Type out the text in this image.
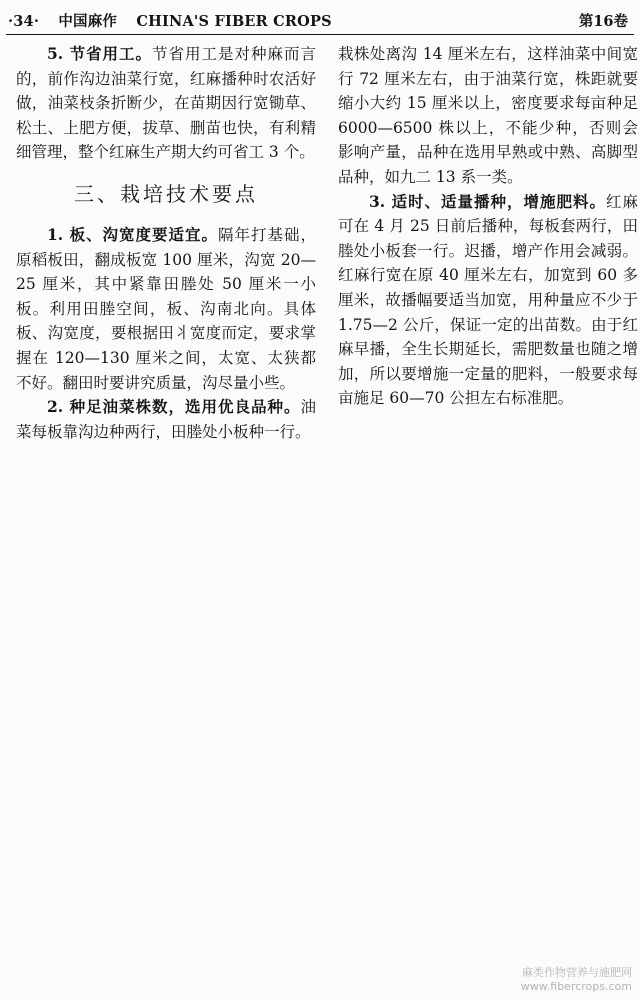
·34· 中国麻作 CHINA'S FIBER CROPS	第16卷

5. 节省用工。节省用工是对种麻而言的，前作沟边油菜行宽，红麻播种时农活好做，油菜枝条折断少，在苗期因行宽锄草、松土、上肥方便，拔草、删苗也快，有利精细管理，整个红麻生产期大约可省工 3 个。

三、栽培技术要点

1. 板、沟宽度要适宜。隔年打基础，原稻板田，翻成板宽 100 厘米，沟宽 20—25 厘米，其中紧靠田塍处 50 厘米一小板。利用田塍空间，板、沟南北向。具体板、沟宽度，要根据田丬宽度而定，要求掌握在 120—130 厘米之间，太宽、太狭都不好。翻田时要讲究质量，沟尽量小些。

2. 种足油菜株数，选用优良品种。油菜每板靠沟边种两行，田塍处小板种一行。

栽株处离沟 14 厘米左右，这样油菜中间宽行 72 厘米左右，由于油菜行宽，株距就要缩小大约 15 厘米以上，密度要求每亩种足 6000—6500 株以上，不能少种，否则会影响产量，品种在选用早熟或中熟、高脚型品种，如九二 13 系一类。

3. 适时、适量播种，增施肥料。红麻可在 4 月 25 日前后播种，每板套两行，田塍处小板套一行。迟播，增产作用会减弱。红麻行宽在原 40 厘米左右，加宽到 60 多厘米，故播幅要适当加宽，用种量应不少于 1.75—2 公斤，保证一定的出苗数。由于红麻早播，全生长期延长，需肥数量也随之增加，所以要增施一定量的肥料，一般要求每亩施足 60—70 公担左右标准肥。

麻类作物营养与施肥网
www.fibercrops.com
